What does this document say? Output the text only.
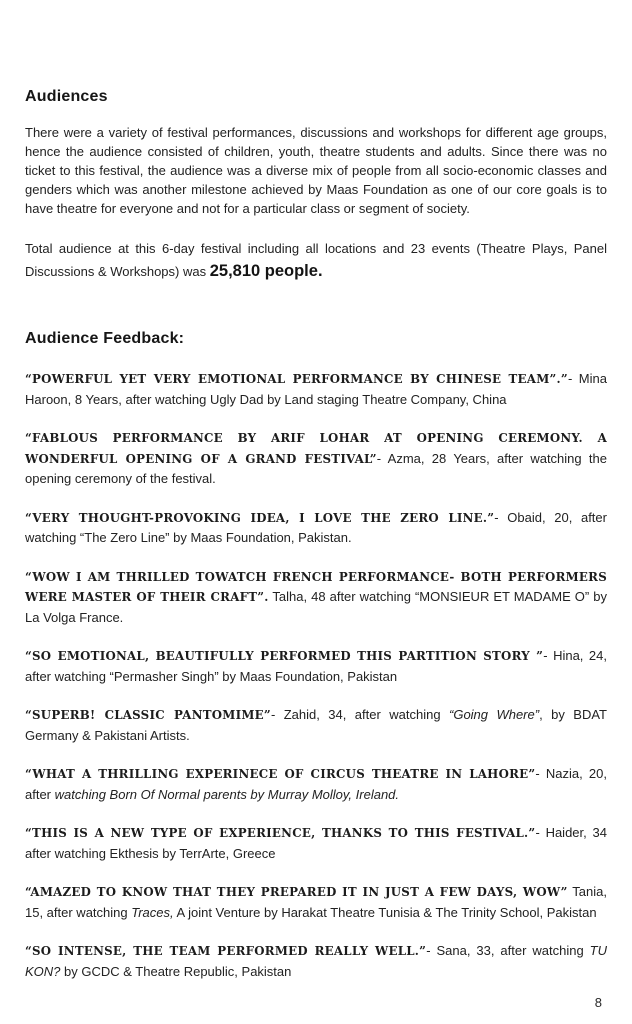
Audiences

There were a variety of festival performances, discussions and workshops for different age groups, hence the audience consisted of children, youth, theatre students and adults. Since there was no ticket to this festival, the audience was a diverse mix of people from all socio-economic classes and genders which was another milestone achieved by Maas Foundation as one of our core goals is to have theatre for everyone and not for a particular class or segment of society.

Total audience at this 6-day festival including all locations and 23 events (Theatre Plays, Panel Discussions & Workshops) was 25,810 people.

Audience Feedback:

“POWERFUL YET VERY EMOTIONAL PERFORMANCE BY CHINESE TEAM”.”- Mina Haroon, 8 Years, after watching Ugly Dad by Land staging Theatre Company, China

“FABLOUS PERFORMANCE BY ARIF LOHAR AT OPENING CEREMONY. A WONDERFUL OPENING OF A GRAND FESTIVAL”- Azma, 28 Years, after watching the opening ceremony of the festival.

“VERY THOUGHT-PROVOKING IDEA, I LOVE THE ZERO LINE.”- Obaid, 20, after watching “The Zero Line” by Maas Foundation, Pakistan.

“WOW I AM THRILLED TOWATCH FRENCH PERFORMANCE- BOTH PERFORMERS WERE MASTER OF THEIR CRAFT”. Talha, 48 after watching “MONSIEUR ET MADAME O” by La Volga France.

“SO EMOTIONAL, BEAUTIFULLY PERFORMED THIS PARTITION STORY ”- Hina, 24, after watching “Permasher Singh” by Maas Foundation, Pakistan

“SUPERB! CLASSIC PANTOMIME”- Zahid, 34, after watching “Going Where”, by BDAT Germany & Pakistani Artists.

“WHAT A THRILLING EXPERINECE OF CIRCUS THEATRE IN LAHORE”- Nazia, 20, after watching Born Of Normal parents by Murray Molloy, Ireland.

“THIS IS A NEW TYPE OF EXPERIENCE, THANKS TO THIS FESTIVAL.”- Haider, 34 after watching Ekthesis by TerrArte, Greece

“AMAZED TO KNOW THAT THEY PREPARED IT IN JUST A FEW DAYS, WOW” Tania, 15, after watching Traces, A joint Venture by Harakat Theatre Tunisia & The Trinity School, Pakistan

“SO INTENSE, THE TEAM PERFORMED REALLY WELL.”- Sana, 33, after watching TU KON? by GCDC & Theatre Republic, Pakistan

8
